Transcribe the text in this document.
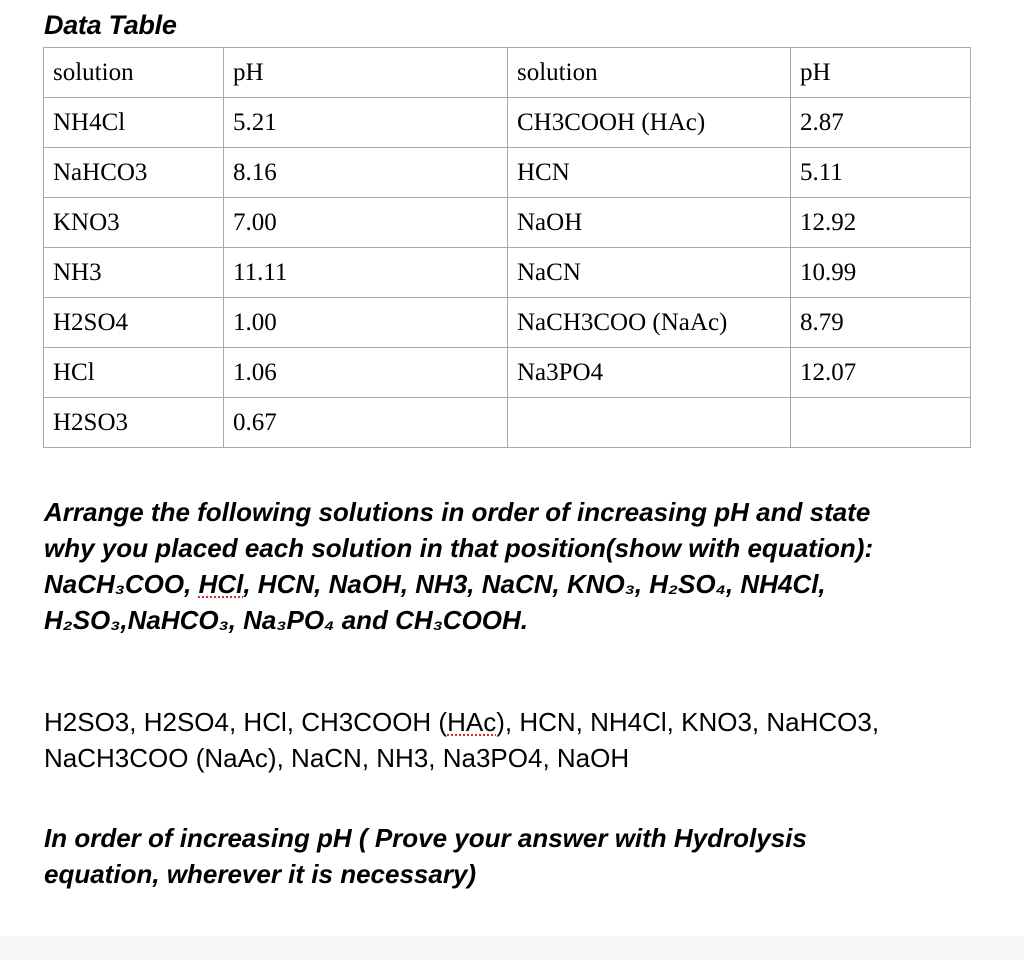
Data Table
solution	pH	solution	pH
NH4Cl	5.21	CH3COOH (HAc)	2.87
NaHCO3	8.16	HCN	5.11
KNO3	7.00	NaOH	12.92
NH3	11.11	NaCN	10.99
H2SO4	1.00	NaCH3COO (NaAc)	8.79
HCl	1.06	Na3PO4	12.07
H2SO3	0.67		
Arrange the following solutions in order of increasing pH and state
why you placed each solution in that position(show with equation):
NaCH₃COO, HCl, HCN, NaOH, NH3, NaCN, KNO₃, H₂SO₄, NH4Cl,
H₂SO₃,NaHCO₃, Na₃PO₄ and CH₃COOH.
H2SO3, H2SO4, HCl, CH3COOH (HAc), HCN, NH4Cl, KNO3, NaHCO3,
NaCH3COO (NaAc), NaCN, NH3, Na3PO4, NaOH
In order of increasing pH ( Prove your answer with Hydrolysis
equation, wherever it is necessary)
